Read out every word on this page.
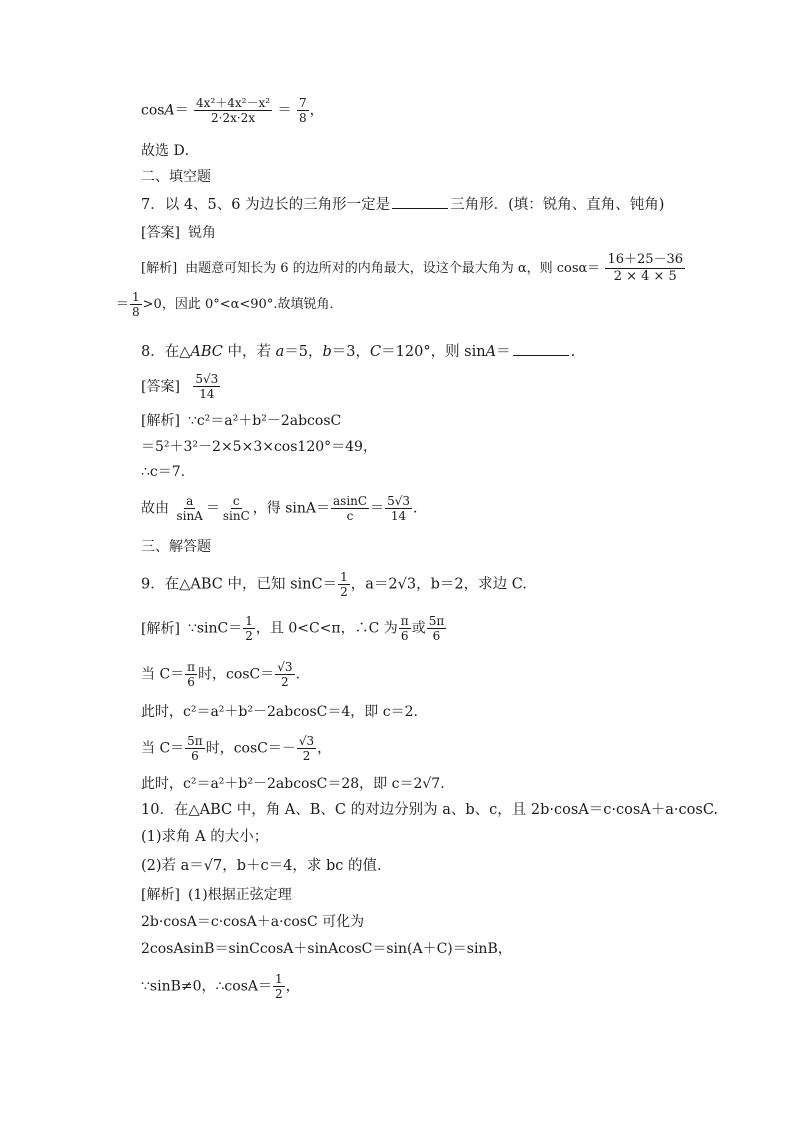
$\cos A= \frac{\text{4x²＋4x²－x²}}{2\cdot 2x\cdot 2x} = \frac{7}{8}$ ，
故选 D．
二、填空题
7．以 4、5、6 为边长的三角形一定是	三角形．(填：锐角、直角、钝角)
[答案] 锐角
[解析] 由题意可知长为 6 的边所对的内角最大，设这个最大角为 α，则 $\cos\alpha= \frac{16+25-36}{2 \times 4 \times 5}$
＝ $\frac{1}{8} >0$，因此 0°<α<90°.故填锐角．
8．在△ABC 中，若 a＝5，b＝3，C＝120°，则 sinA＝	.
[答案] $\frac{5√3}{14}$
[解析] ∵c²＝a²＋b²－2abcosC
＝5²＋3²－2×5×3×cos120°＝49，
∴c＝7.
故由 $\frac{a}{\sin A} = \frac{c}{\sin C}$ ，得 $\sin A= \frac{asinC}{c} = \frac{5√3}{14}$ .
三、解答题
9．在△ABC 中，已知 $\sin C= \frac{1}{2}$ ，a＝2√3，b＝2，求边 C.
[解析] ∵sinC＝ $\frac{1}{2}$ ，且 0<C<π，∴C 为 $\frac{\pi}{6}$ 或 $\frac{5\pi}{6}$
当 $C= \frac{\pi}{6}$ 时，$\cos C= \frac{√3}{2}$ .
此时，c²＝a²＋b²－2abcosC＝4，即 c＝2.
当 $C= \frac{5\pi}{6}$ 时，$\cos C=- \frac{√3}{2}$ ，
此时，c²＝a²＋b²－2abcosC＝28，即 c＝2√7.
10．在△ABC 中，角 A、B、C 的对边分别为 a、b、c，且 2b·cosA＝c·cosA＋a·cosC.
(1)求角 A 的大小；
(2)若 a＝√7，b＋c＝4，求 bc 的值．
[解析] (1)根据正弦定理
2b·cosA＝c·cosA＋a·cosC 可化为
2cosAsinB＝sinCcosA＋sinAcosC＝sin(A＋C)＝sinB，
∵sinB≠0，∴cosA＝ $\frac{1}{2}$ ，
